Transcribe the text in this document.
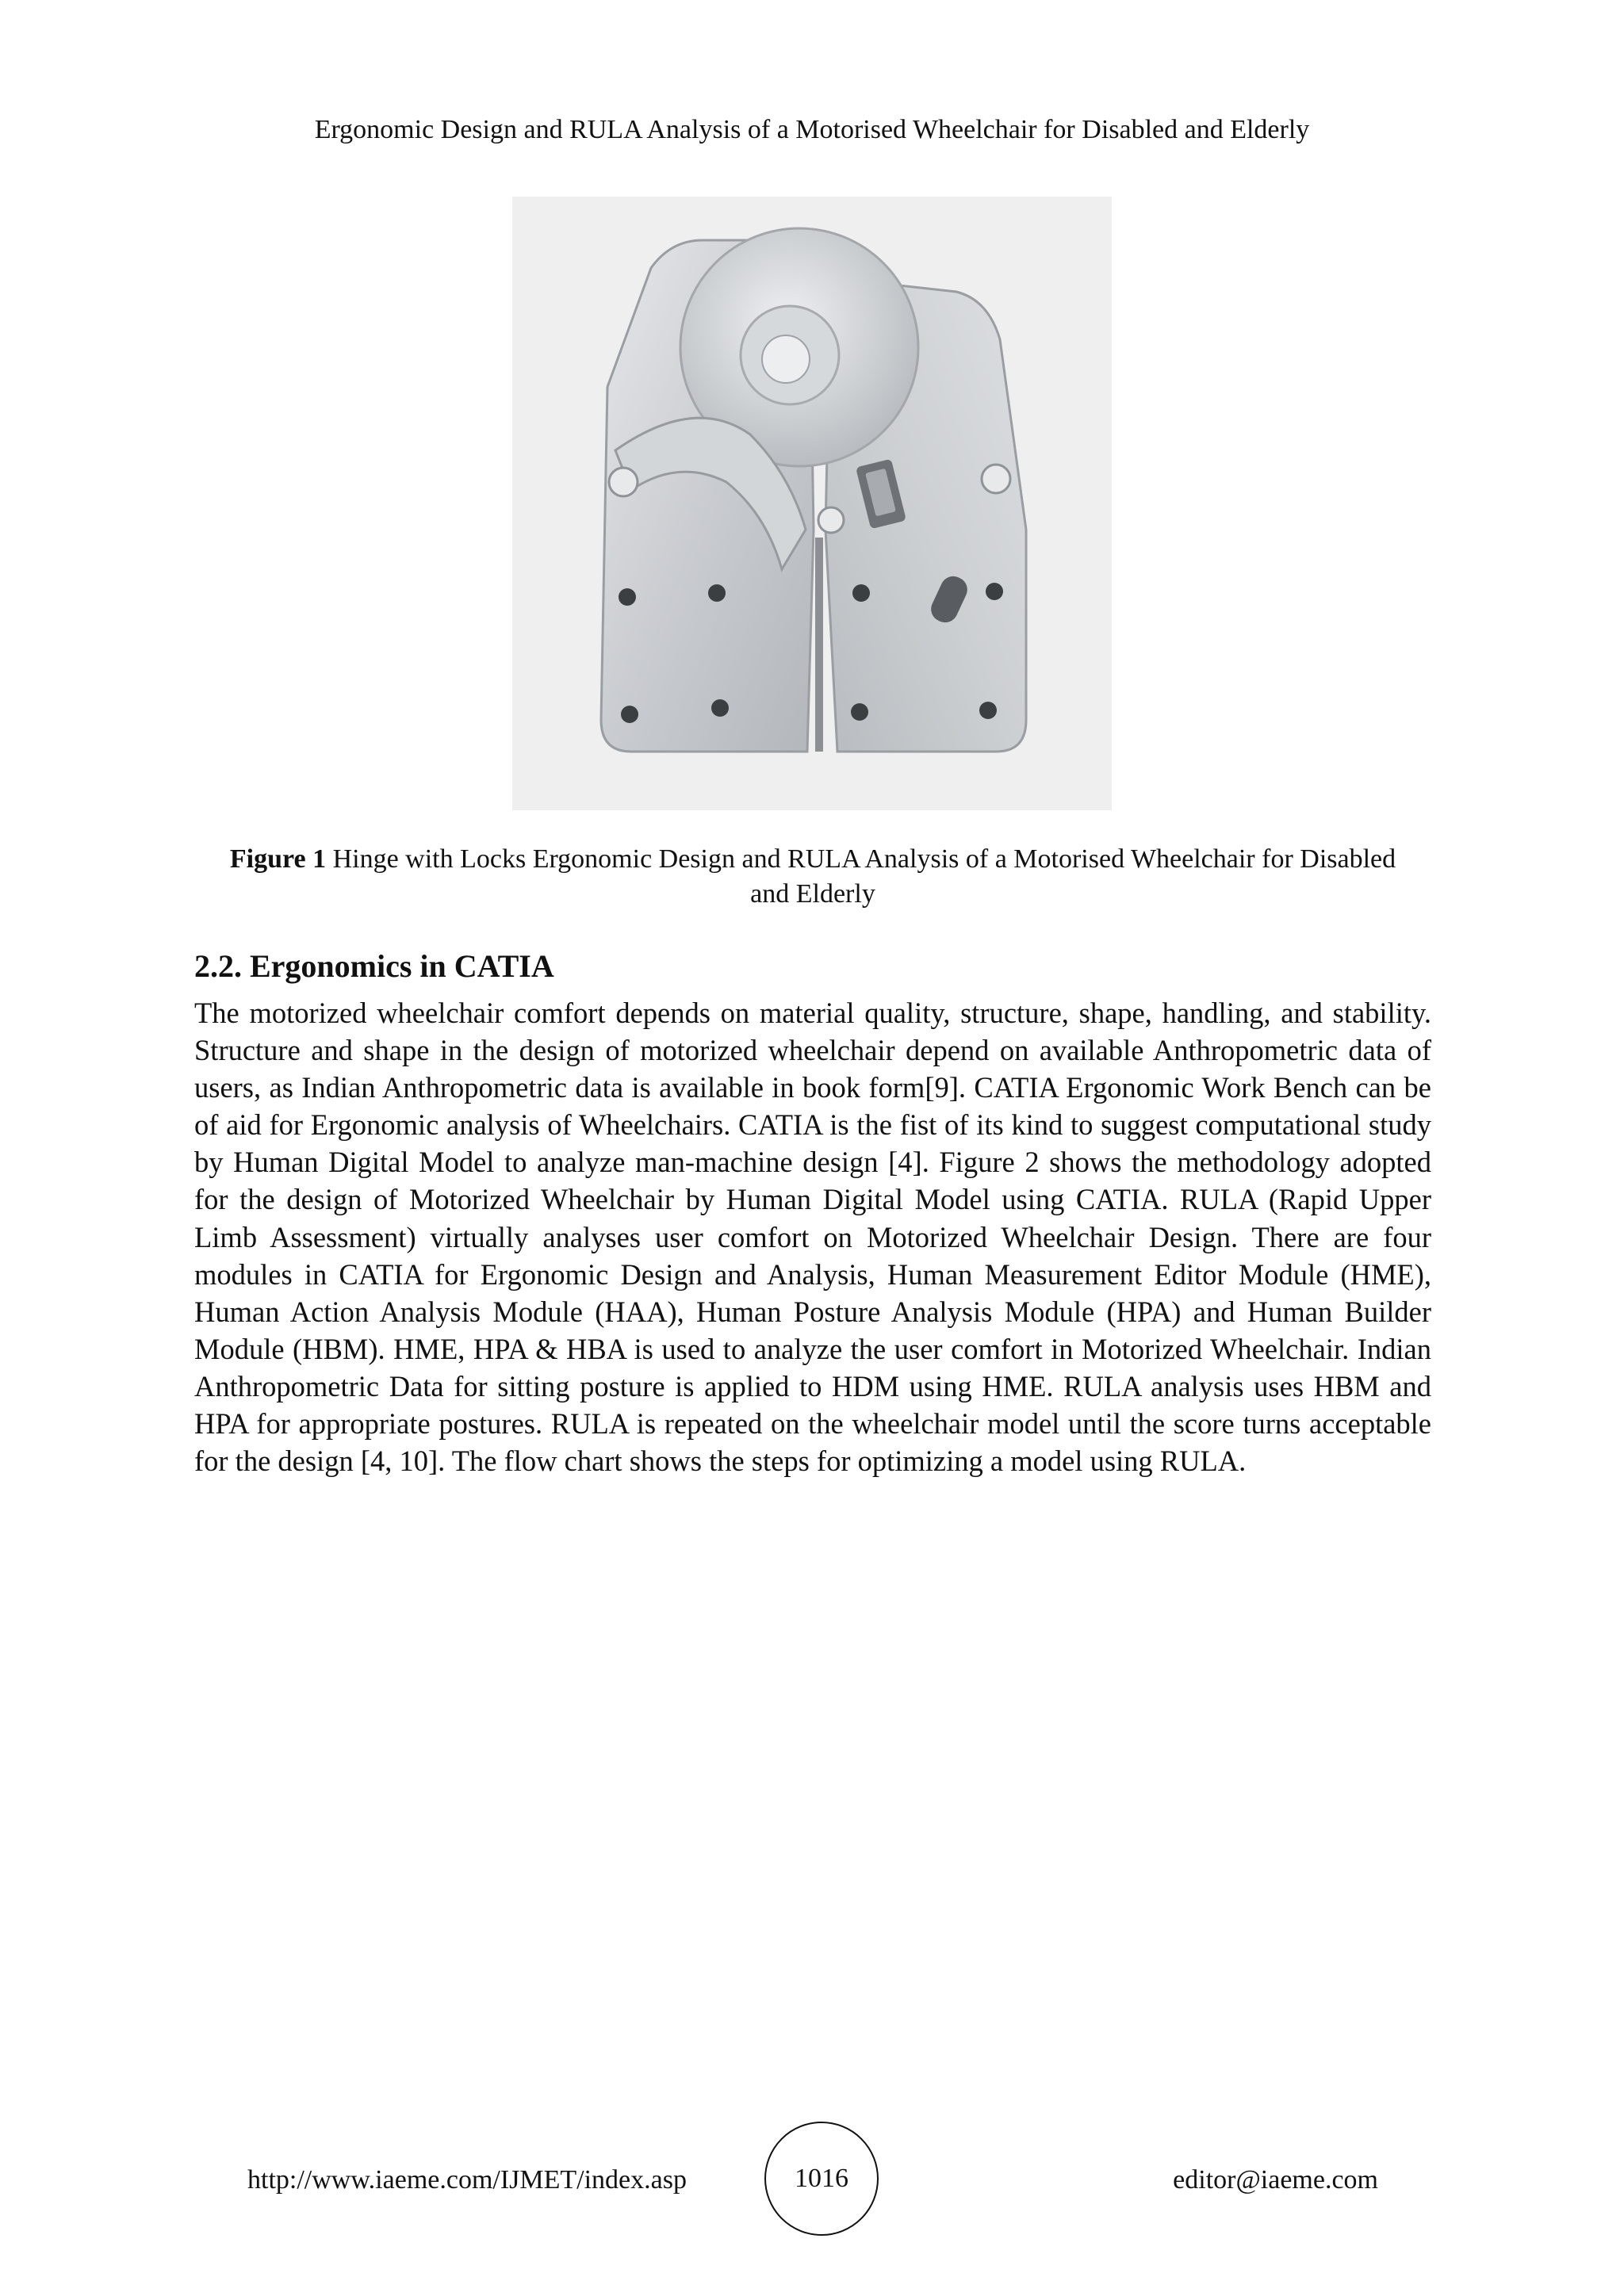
Ergonomic Design and RULA Analysis of a Motorised Wheelchair for Disabled and Elderly
Figure 1 Hinge with Locks Ergonomic Design and RULA Analysis of a Motorised Wheelchair for Disabled and Elderly
2.2. Ergonomics in CATIA

The motorized wheelchair comfort depends on material quality, structure, shape, handling, and stability. Structure and shape in the design of motorized wheelchair depend on available Anthropometric data of users, as Indian Anthropometric data is available in book form[9]. CATIA Ergonomic Work Bench can be of aid for Ergonomic analysis of Wheelchairs. CATIA is the fist of its kind to suggest computational study by Human Digital Model to analyze man-machine design [4]. Figure 2 shows the methodology adopted for the design of Motorized Wheelchair by Human Digital Model using CATIA. RULA (Rapid Upper Limb Assessment) virtually analyses user comfort on Motorized Wheelchair Design. There are four modules in CATIA for Ergonomic Design and Analysis, Human Measurement Editor Module (HME), Human Action Analysis Module (HAA), Human Posture Analysis Module (HPA) and Human Builder Module (HBM). HME, HPA & HBA is used to analyze the user comfort in Motorized Wheelchair. Indian Anthropometric Data for sitting posture is applied to HDM using HME. RULA analysis uses HBM and HPA for appropriate postures. RULA is repeated on the wheelchair model until the score turns acceptable for the design [4, 10]. The flow chart shows the steps for optimizing a model using RULA.

http://www.iaeme.com/IJMET/index.asp	1016	editor@iaeme.com
